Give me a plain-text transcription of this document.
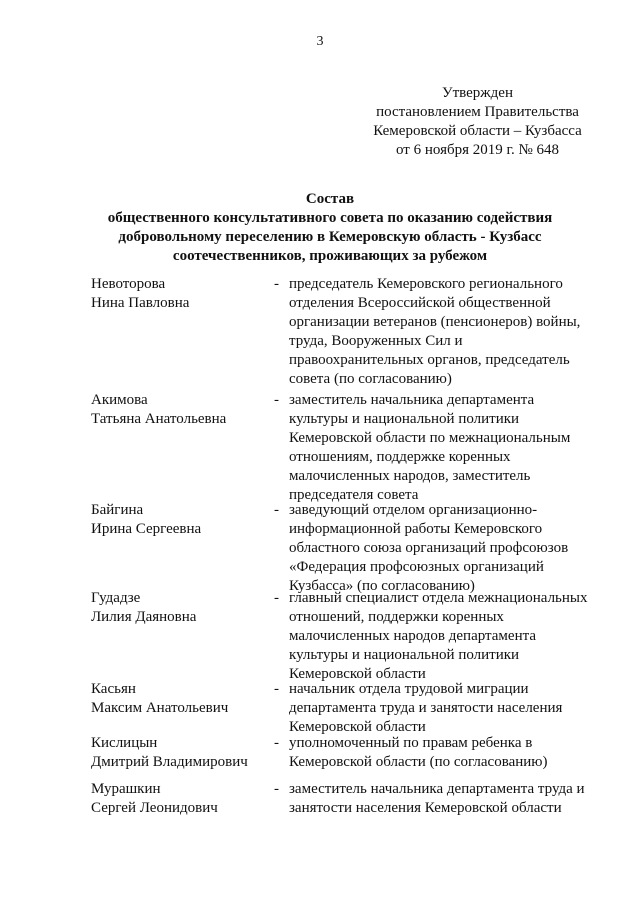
3
Утвержден
постановлением Правительства
Кемеровской области – Кузбасса
от 6 ноября 2019 г. № 648
Состав
общественного консультативного совета по оказанию содействия
добровольному переселению в Кемеровскую область - Кузбасс
соотечественников, проживающих за рубежом
Невоторова
Нина Павловна
- председатель Кемеровского регионального
отделения Всероссийской общественной
организации ветеранов (пенсионеров) войны,
труда, Вооруженных Сил и
правоохранительных органов, председатель
совета (по согласованию)
Акимова
Татьяна Анатольевна
- заместитель начальника департамента
культуры и национальной политики
Кемеровской области по межнациональным
отношениям, поддержке коренных
малочисленных народов, заместитель
председателя совета
Байгина
Ирина Сергеевна
- заведующий отделом организационно-
информационной работы Кемеровского
областного союза организаций профсоюзов
«Федерация профсоюзных организаций
Кузбасса» (по согласованию)
Гудадзе
Лилия Даяновна
- главный специалист отдела межнациональных
отношений, поддержки коренных
малочисленных народов департамента
культуры и национальной политики
Кемеровской области
Касьян
Максим Анатольевич
- начальник отдела трудовой миграции
департамента труда и занятости населения
Кемеровской области
Кислицын
Дмитрий Владимирович
- уполномоченный по правам ребенка в
Кемеровской области (по согласованию)
Мурашкин
Сергей Леонидович
- заместитель начальника департамента труда и
занятости населения Кемеровской области
